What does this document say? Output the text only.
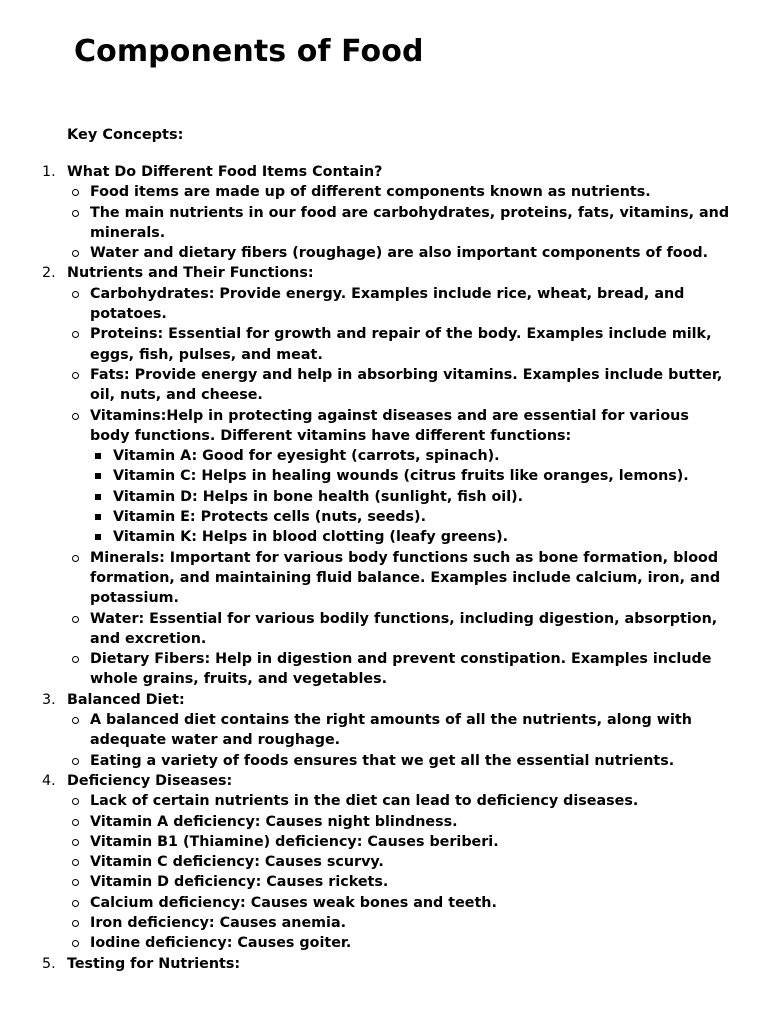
Components of Food

Key Concepts:

1. What Do Different Food Items Contain?
Food items are made up of different components known as nutrients.
The main nutrients in our food are carbohydrates, proteins, fats, vitamins, and minerals.
Water and dietary fibers (roughage) are also important components of food.
2. Nutrients and Their Functions:
Carbohydrates: Provide energy. Examples include rice, wheat, bread, and potatoes.
Proteins: Essential for growth and repair of the body. Examples include milk, eggs, fish, pulses, and meat.
Fats: Provide energy and help in absorbing vitamins. Examples include butter, oil, nuts, and cheese.
Vitamins:Help in protecting against diseases and are essential for various body functions. Different vitamins have different functions:
Vitamin A: Good for eyesight (carrots, spinach).
Vitamin C: Helps in healing wounds (citrus fruits like oranges, lemons).
Vitamin D: Helps in bone health (sunlight, fish oil).
Vitamin E: Protects cells (nuts, seeds).
Vitamin K: Helps in blood clotting (leafy greens).
Minerals: Important for various body functions such as bone formation, blood formation, and maintaining fluid balance. Examples include calcium, iron, and potassium.
Water: Essential for various bodily functions, including digestion, absorption, and excretion.
Dietary Fibers: Help in digestion and prevent constipation. Examples include whole grains, fruits, and vegetables.
3. Balanced Diet:
A balanced diet contains the right amounts of all the nutrients, along with adequate water and roughage.
Eating a variety of foods ensures that we get all the essential nutrients.
4. Deficiency Diseases:
Lack of certain nutrients in the diet can lead to deficiency diseases.
Vitamin A deficiency: Causes night blindness.
Vitamin B1 (Thiamine) deficiency: Causes beriberi.
Vitamin C deficiency: Causes scurvy.
Vitamin D deficiency: Causes rickets.
Calcium deficiency: Causes weak bones and teeth.
Iron deficiency: Causes anemia.
Iodine deficiency: Causes goiter.
5. Testing for Nutrients:
